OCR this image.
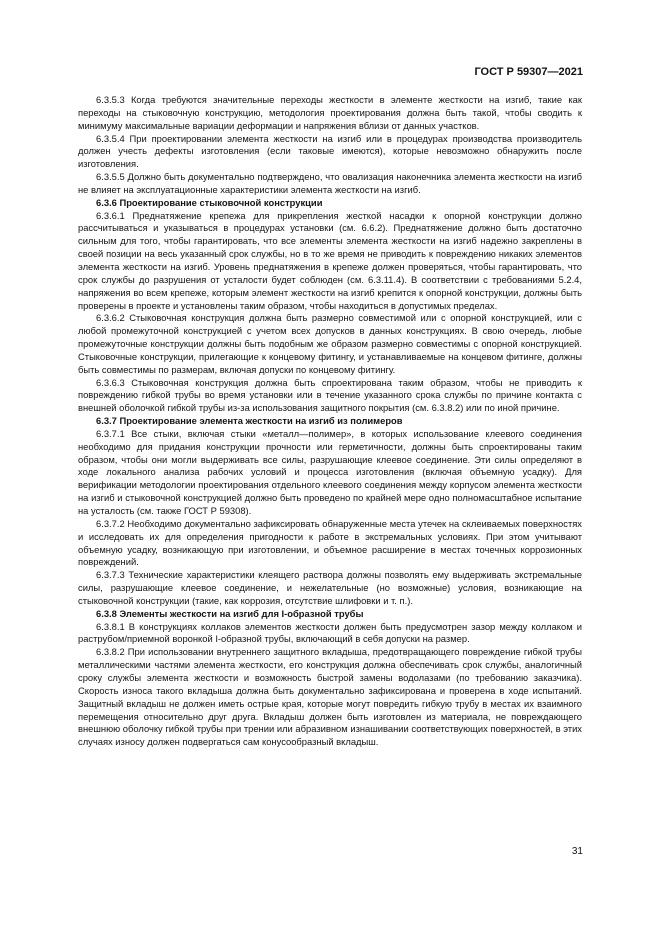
ГОСТ Р 59307—2021

6.3.5.3 Когда требуются значительные переходы жесткости в элементе жесткости на изгиб, такие как переходы на стыковочную конструкцию, методология проектирования должна быть такой, чтобы сводить к минимуму максимальные вариации деформации и напряжения вблизи от данных участков.

6.3.5.4 При проектировании элемента жесткости на изгиб или в процедурах производства производитель должен учесть дефекты изготовления (если таковые имеются), которые невозможно обнаружить после изготовления.

6.3.5.5 Должно быть документально подтверждено, что овализация наконечника элемента жесткости на изгиб не влияет на эксплуатационные характеристики элемента жесткости на изгиб.

6.3.6 Проектирование стыковочной конструкции

6.3.6.1 Преднатяжение крепежа для прикрепления жесткой насадки к опорной конструкции должно рассчитываться и указываться в процедурах установки (см. 6.6.2). Преднатяжение должно быть достаточно сильным для того, чтобы гарантировать, что все элементы элемента жесткости на изгиб надежно закреплены в своей позиции на весь указанный срок службы, но в то же время не приводить к повреждению никаких элементов элемента жесткости на изгиб. Уровень преднатяжения в крепеже должен проверяться, чтобы гарантировать, что срок службы до разрушения от усталости будет соблюден (см. 6.3.11.4). В соответствии с требованиями 5.2.4, напряжения во всем крепеже, которым элемент жесткости на изгиб крепится к опорной конструкции, должны быть проверены в проекте и установлены таким образом, чтобы находиться в допустимых пределах.

6.3.6.2 Стыковочная конструкция должна быть размерно совместимой или с опорной конструкцией, или с любой промежуточной конструкцией с учетом всех допусков в данных конструкциях. В свою очередь, любые промежуточные конструкции должны быть подобным же образом размерно совместимы с опорной конструкцией. Стыковочные конструкции, прилегающие к концевому фитингу, и устанавливаемые на концевом фитинге, должны быть совместимы по размерам, включая допуски по концевому фитингу.

6.3.6.3 Стыковочная конструкция должна быть спроектирована таким образом, чтобы не приводить к повреждению гибкой трубы во время установки или в течение указанного срока службы по причине контакта с внешней оболочкой гибкой трубы из-за использования защитного покрытия (см. 6.3.8.2) или по иной причине.

6.3.7 Проектирование элемента жесткости на изгиб из полимеров

6.3.7.1 Все стыки, включая стыки «металл—полимер», в которых использование клеевого соединения необходимо для придания конструкции прочности или герметичности, должны быть спроектированы таким образом, чтобы они могли выдерживать все силы, разрушающие клеевое соединение. Эти силы определяют в ходе локального анализа рабочих условий и процесса изготовления (включая объемную усадку). Для верификации методологии проектирования отдельного клеевого соединения между корпусом элемента жесткости на изгиб и стыковочной конструкцией должно быть проведено по крайней мере одно полномасштабное испытание на усталость (см. также ГОСТ Р 59308).

6.3.7.2 Необходимо документально зафиксировать обнаруженные места утечек на склеиваемых поверхностях и исследовать их для определения пригодности к работе в экстремальных условиях. При этом учитывают объемную усадку, возникающую при изготовлении, и объемное расширение в местах точечных коррозионных повреждений.

6.3.7.3 Технические характеристики клеящего раствора должны позволять ему выдерживать экстремальные силы, разрушающие клеевое соединение, и нежелательные (но возможные) условия, возникающие на стыковочной конструкции (такие, как коррозия, отсутствие шлифовки и т. п.).

6.3.8 Элементы жесткости на изгиб для I-образной трубы

6.3.8.1 В конструкциях коллаков элементов жесткости должен быть предусмотрен зазор между коллаком и раструбом/приемной воронкой I-образной трубы, включающий в себя допуски на размер.

6.3.8.2 При использовании внутреннего защитного вкладыша, предотвращающего повреждение гибкой трубы металлическими частями элемента жесткости, его конструкция должна обеспечивать срок службы, аналогичный сроку службы элемента жесткости и возможность быстрой замены водолазами (по требованию заказчика). Скорость износа такого вкладыша должна быть документально зафиксирована и проверена в ходе испытаний. Защитный вкладыш не должен иметь острые края, которые могут повредить гибкую трубу в местах их взаимного перемещения относительно друг друга. Вкладыш должен быть изготовлен из материала, не повреждающего внешнюю оболочку гибкой трубы при трении или абразивном изнашивании соответствующих поверхностей, в этих случаях износу должен подвергаться сам конусообразный вкладыш.

31
